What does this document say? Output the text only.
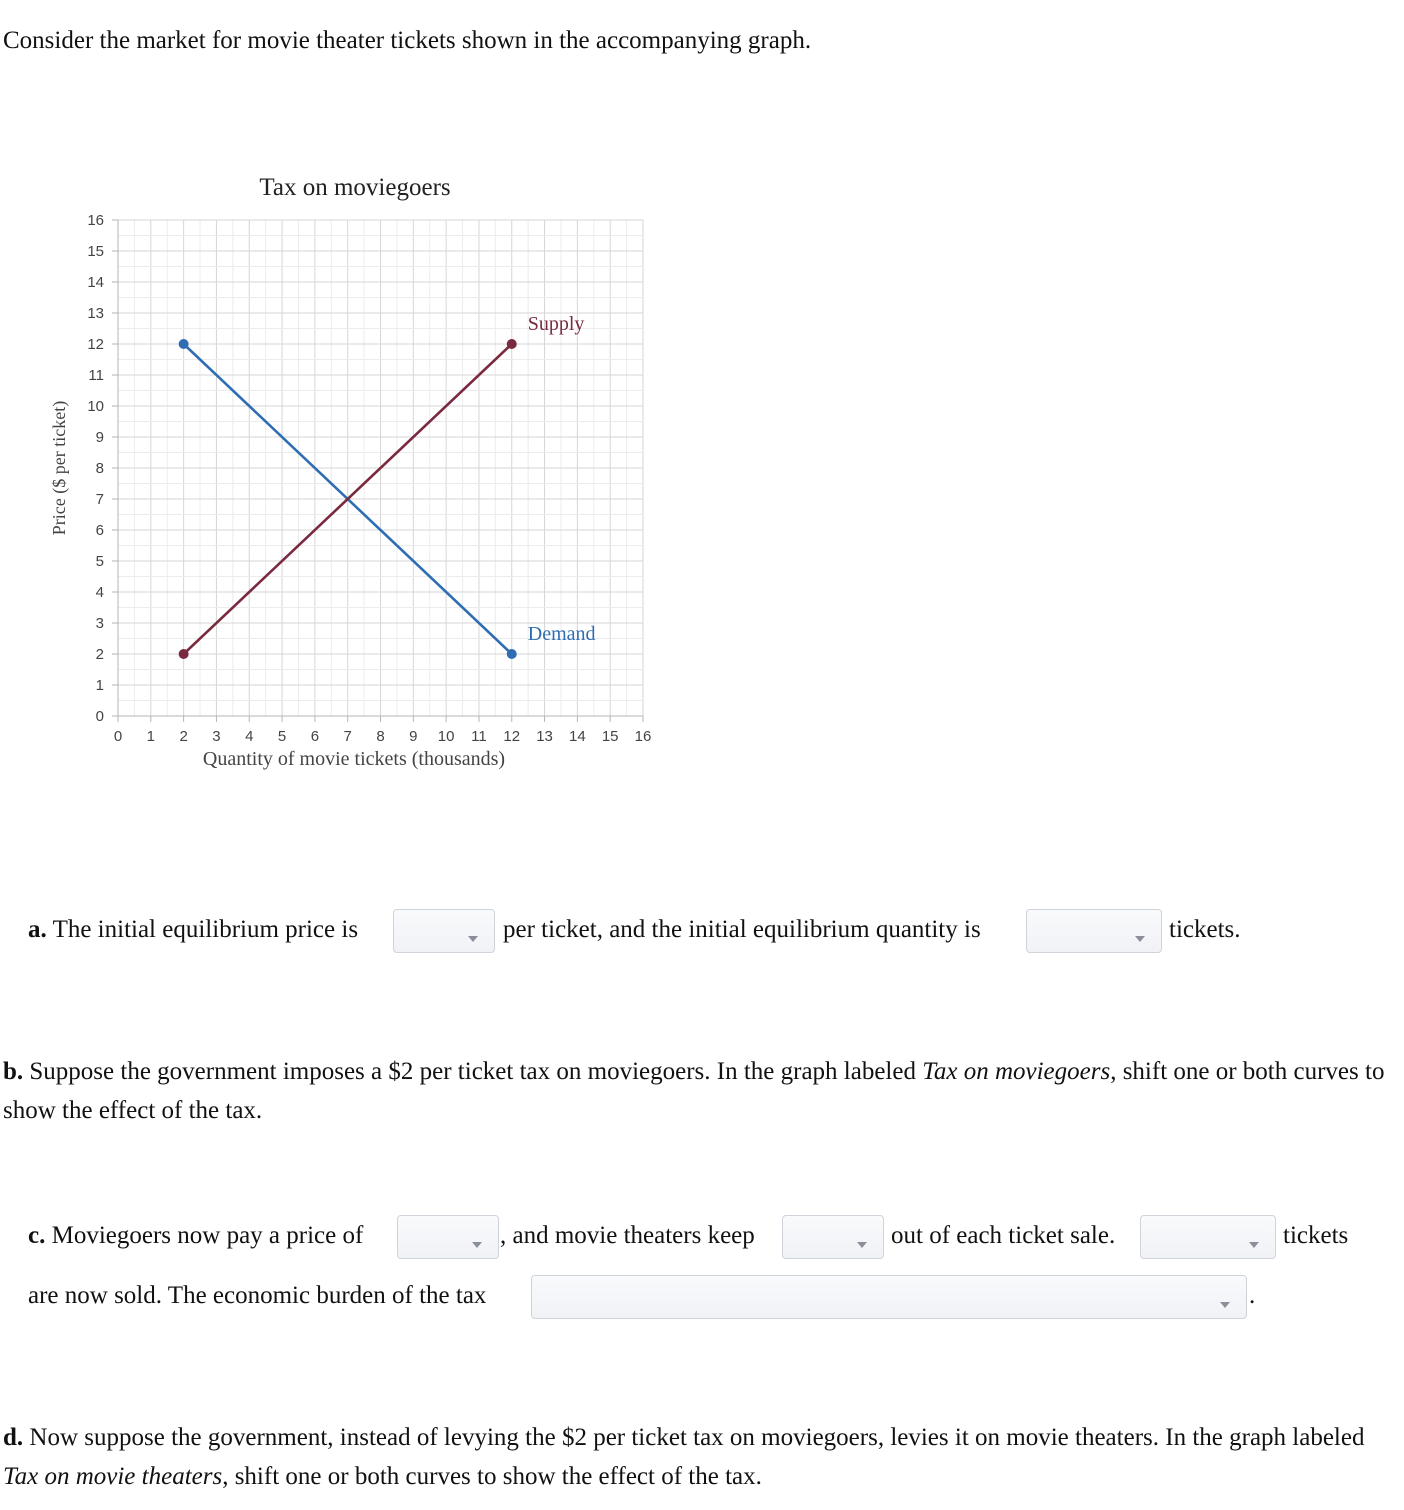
Consider the market for movie theater tickets shown in the accompanying graph.
Tax on moviegoers
0
1
2
3
4
5
6
7
8
9
10
11
12
13
14
15
16
0 1 2 3 4 5 6 7 8 9 10 11 12 13 14 15 16
Price ($ per ticket)
Quantity of movie tickets (thousands)
Demand
Supply
a. The initial equilibrium price is	per ticket, and the initial equilibrium quantity is	tickets.
b. Suppose the government imposes a $2 per ticket tax on moviegoers. In the graph labeled Tax on moviegoers, shift one or both curves to show the effect of the tax.
c. Moviegoers now pay a price of	, and movie theaters keep	out of each ticket sale.	tickets
are now sold. The economic burden of the tax	.
d. Now suppose the government, instead of levying the $2 per ticket tax on moviegoers, levies it on movie theaters. In the graph labeled Tax on movie theaters, shift one or both curves to show the effect of the tax.
